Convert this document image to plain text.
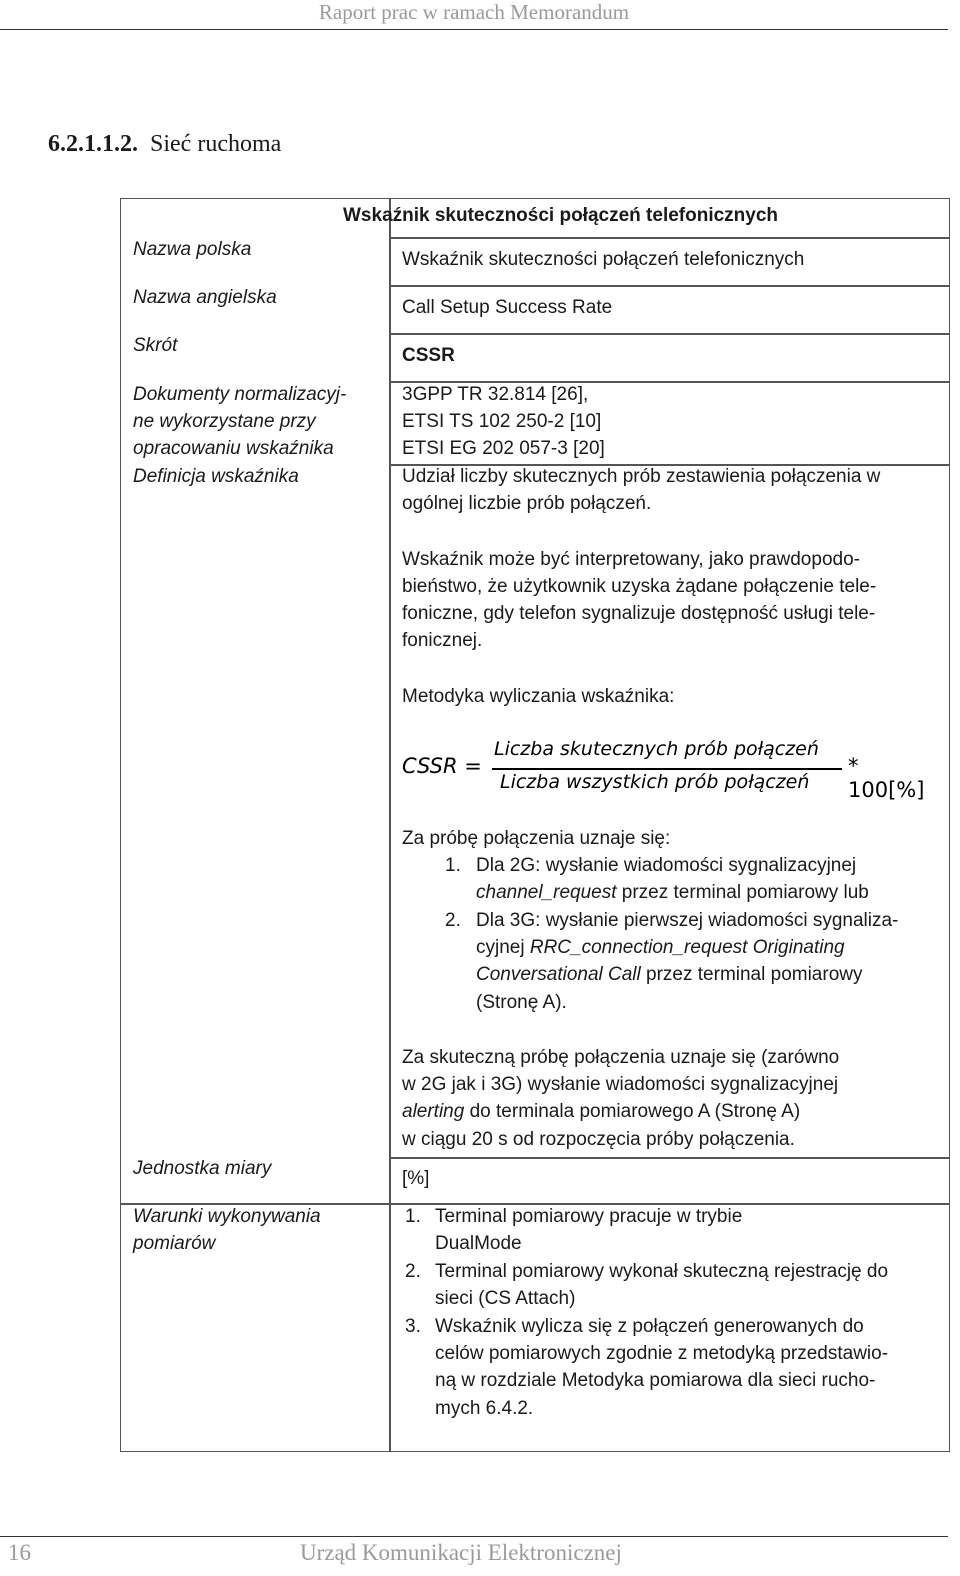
Raport prac w ramach Memorandum
6.2.1.1.2. Sieć ruchoma
Wskaźnik skuteczności połączeń telefonicznych
Nazwa polska
Nazwa angielska
Skrót
Dokumenty normalizacyj-
ne wykorzystane przy
opracowaniu wskaźnika
Definicja wskaźnika
Jednostka miary
Warunki wykonywania
pomiarów
Wskaźnik skuteczności połączeń telefonicznych
Call Setup Success Rate
CSSR
3GPP TR 32.814 [26],
ETSI TS 102 250-2 [10]
ETSI EG 202 057-3 [20]
Udział liczby skutecznych prób zestawienia połączenia w
ogólnej liczbie prób połączeń.
Wskaźnik może być interpretowany, jako prawdopodo-
bieństwo, że użytkownik uzyska żądane połączenie tele-
foniczne, gdy telefon sygnalizuje dostępność usługi tele-
fonicznej.
Metodyka wyliczania wskaźnika:
CSSR =
Liczba skutecznych prób połączeń
Liczba wszystkich prób połączeń
* 100[%]
Za próbę połączenia uznaje się:
1. Dla 2G: wysłanie wiadomości sygnalizacyjnej
channel_request przez terminal pomiarowy lub
2. Dla 3G: wysłanie pierwszej wiadomości sygnaliza-
cyjnej RRC_connection_request Originating
Conversational Call przez terminal pomiarowy
(Stronę A).
Za skuteczną próbę połączenia uznaje się (zarówno
w 2G jak i 3G) wysłanie wiadomości sygnalizacyjnej
alerting do terminala pomiarowego A (Stronę A)
w ciągu 20 s od rozpoczęcia próby połączenia.
[%]
1. Terminal pomiarowy pracuje w trybie
DualMode
2. Terminal pomiarowy wykonał skuteczną rejestrację do
sieci (CS Attach)
3. Wskaźnik wylicza się z połączeń generowanych do
celów pomiarowych zgodnie z metodyką przedstawio-
ną w rozdziale Metodyka pomiarowa dla sieci rucho-
mych 6.4.2.
16	Urząd Komunikacji Elektronicznej
